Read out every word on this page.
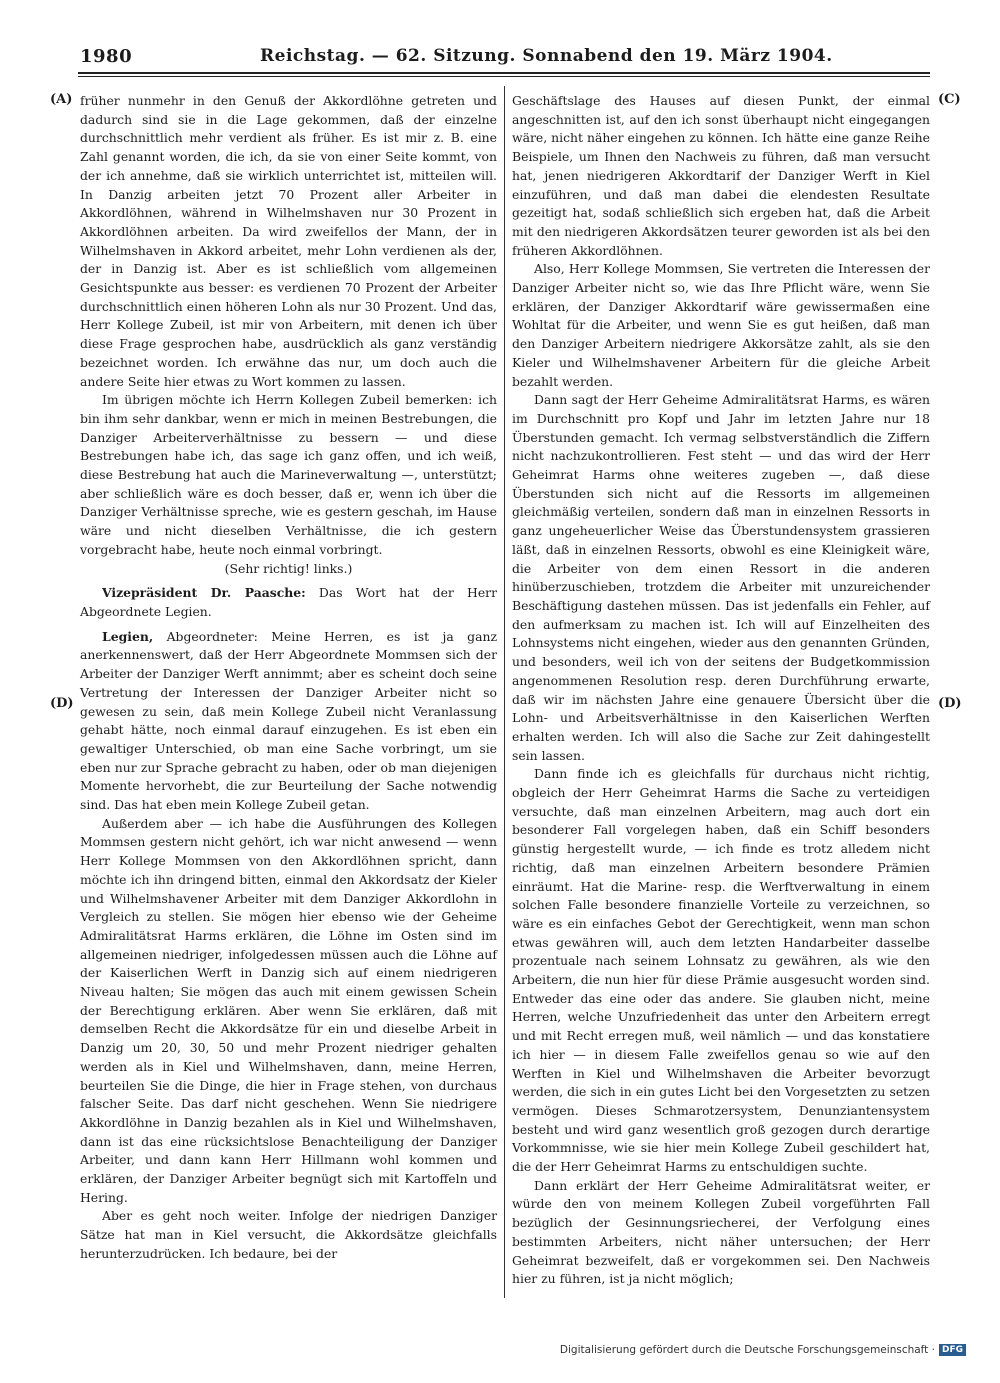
1980	Reichstag. — 62. Sitzung. Sonnabend den 19. März 1904.
(A)	(C)
(D)	(D)

früher nunmehr in den Genuß der Akkordlöhne getreten und dadurch sind sie in die Lage gekommen, daß der einzelne durchschnittlich mehr verdient als früher. Es ist mir z. B. eine Zahl genannt worden, die ich, da sie von einer Seite kommt, von der ich annehme, daß sie wirklich unterrichtet ist, mitteilen will. In Danzig arbeiten jetzt 70 Prozent aller Arbeiter in Akkordlöhnen, während in Wilhelmshaven nur 30 Prozent in Akkordlöhnen arbeiten. Da wird zweifellos der Mann, der in Wilhelmshaven in Akkord arbeitet, mehr Lohn verdienen als der, der in Danzig ist. Aber es ist schließlich vom allgemeinen Gesichtspunkte aus besser: es verdienen 70 Prozent der Arbeiter durchschnittlich einen höheren Lohn als nur 30 Prozent. Und das, Herr Kollege Zubeil, ist mir von Arbeitern, mit denen ich über diese Frage gesprochen habe, ausdrücklich als ganz verständig bezeichnet worden. Ich erwähne das nur, um doch auch die andere Seite hier etwas zu Wort kommen zu lassen.

Im übrigen möchte ich Herrn Kollegen Zubeil bemerken: ich bin ihm sehr dankbar, wenn er mich in meinen Bestrebungen, die Danziger Arbeiterverhältnisse zu bessern — und diese Bestrebungen habe ich, das sage ich ganz offen, und ich weiß, diese Bestrebung hat auch die Marineverwaltung —, unterstützt; aber schließlich wäre es doch besser, daß er, wenn ich über die Danziger Verhältnisse spreche, wie es gestern geschah, im Hause wäre und nicht dieselben Verhältnisse, die ich gestern vorgebracht habe, heute noch einmal vorbringt.

(Sehr richtig! links.)

Vizepräsident Dr. Paasche: Das Wort hat der Herr Abgeordnete Legien.

Legien, Abgeordneter: Meine Herren, es ist ja ganz anerkennenswert, daß der Herr Abgeordnete Mommsen sich der Arbeiter der Danziger Werft annimmt; aber es scheint doch seine Vertretung der Interessen der Danziger Arbeiter nicht so gewesen zu sein, daß mein Kollege Zubeil nicht Veranlassung gehabt hätte, noch einmal darauf einzugehen. Es ist eben ein gewaltiger Unterschied, ob man eine Sache vorbringt, um sie eben nur zur Sprache gebracht zu haben, oder ob man diejenigen Momente hervorhebt, die zur Beurteilung der Sache notwendig sind. Das hat eben mein Kollege Zubeil getan.

Außerdem aber — ich habe die Ausführungen des Kollegen Mommsen gestern nicht gehört, ich war nicht anwesend — wenn Herr Kollege Mommsen von den Akkordlöhnen spricht, dann möchte ich ihn dringend bitten, einmal den Akkordsatz der Kieler und Wilhelmshavener Arbeiter mit dem Danziger Akkordlohn in Vergleich zu stellen. Sie mögen hier ebenso wie der Geheime Admiralitätsrat Harms erklären, die Löhne im Osten sind im allgemeinen niedriger, infolgedessen müssen auch die Löhne auf der Kaiserlichen Werft in Danzig sich auf einem niedrigeren Niveau halten; Sie mögen das auch mit einem gewissen Schein der Berechtigung erklären. Aber wenn Sie erklären, daß mit demselben Recht die Akkordsätze für ein und dieselbe Arbeit in Danzig um 20, 30, 50 und mehr Prozent niedriger gehalten werden als in Kiel und Wilhelmshaven, dann, meine Herren, beurteilen Sie die Dinge, die hier in Frage stehen, von durchaus falscher Seite. Das darf nicht geschehen. Wenn Sie niedrigere Akkordlöhne in Danzig bezahlen als in Kiel und Wilhelmshaven, dann ist das eine rücksichtslose Benachteiligung der Danziger Arbeiter, und dann kann Herr Hillmann wohl kommen und erklären, der Danziger Arbeiter begnügt sich mit Kartoffeln und Hering.

Aber es geht noch weiter. Infolge der niedrigen Danziger Sätze hat man in Kiel versucht, die Akkordsätze gleichfalls herunterzudrücken. Ich bedaure, bei der

Geschäftslage des Hauses auf diesen Punkt, der einmal angeschnitten ist, auf den ich sonst überhaupt nicht eingegangen wäre, nicht näher eingehen zu können. Ich hätte eine ganze Reihe Beispiele, um Ihnen den Nachweis zu führen, daß man versucht hat, jenen niedrigeren Akkordtarif der Danziger Werft in Kiel einzuführen, und daß man dabei die elendesten Resultate gezeitigt hat, sodaß schließlich sich ergeben hat, daß die Arbeit mit den niedrigeren Akkordsätzen teurer geworden ist als bei den früheren Akkordlöhnen.

Also, Herr Kollege Mommsen, Sie vertreten die Interessen der Danziger Arbeiter nicht so, wie das Ihre Pflicht wäre, wenn Sie erklären, der Danziger Akkordtarif wäre gewissermaßen eine Wohltat für die Arbeiter, und wenn Sie es gut heißen, daß man den Danziger Arbeitern niedrigere Akkorsätze zahlt, als sie den Kieler und Wilhelmshavener Arbeitern für die gleiche Arbeit bezahlt werden.

Dann sagt der Herr Geheime Admiralitätsrat Harms, es wären im Durchschnitt pro Kopf und Jahr im letzten Jahre nur 18 Überstunden gemacht. Ich vermag selbstverständlich die Ziffern nicht nachzukontrollieren. Fest steht — und das wird der Herr Geheimrat Harms ohne weiteres zugeben —, daß diese Überstunden sich nicht auf die Ressorts im allgemeinen gleichmäßig verteilen, sondern daß man in einzelnen Ressorts in ganz ungeheuerlicher Weise das Überstundensystem grassieren läßt, daß in einzelnen Ressorts, obwohl es eine Kleinigkeit wäre, die Arbeiter von dem einen Ressort in die anderen hinüberzuschieben, trotzdem die Arbeiter mit unzureichender Beschäftigung dastehen müssen. Das ist jedenfalls ein Fehler, auf den aufmerksam zu machen ist. Ich will auf Einzelheiten des Lohnsystems nicht eingehen, wieder aus den genannten Gründen, und besonders, weil ich von der seitens der Budgetkommission angenommenen Resolution resp. deren Durchführung erwarte, daß wir im nächsten Jahre eine genauere Übersicht über die Lohn- und Arbeitsverhältnisse in den Kaiserlichen Werften erhalten werden. Ich will also die Sache zur Zeit dahingestellt sein lassen.

Dann finde ich es gleichfalls für durchaus nicht richtig, obgleich der Herr Geheimrat Harms die Sache zu verteidigen versuchte, daß man einzelnen Arbeitern, mag auch dort ein besonderer Fall vorgelegen haben, daß ein Schiff besonders günstig hergestellt wurde, — ich finde es trotz alledem nicht richtig, daß man einzelnen Arbeitern besondere Prämien einräumt. Hat die Marine- resp. die Werftverwaltung in einem solchen Falle besondere finanzielle Vorteile zu verzeichnen, so wäre es ein einfaches Gebot der Gerechtigkeit, wenn man schon etwas gewähren will, auch dem letzten Handarbeiter dasselbe prozentuale nach seinem Lohnsatz zu gewähren, als wie den Arbeitern, die nun hier für diese Prämie ausgesucht worden sind. Entweder das eine oder das andere. Sie glauben nicht, meine Herren, welche Unzufriedenheit das unter den Arbeitern erregt und mit Recht erregen muß, weil nämlich — und das konstatiere ich hier — in diesem Falle zweifellos genau so wie auf den Werften in Kiel und Wilhelmshaven die Arbeiter bevorzugt werden, die sich in ein gutes Licht bei den Vorgesetzten zu setzen vermögen. Dieses Schmarotzersystem, Denunziantensystem besteht und wird ganz wesentlich groß gezogen durch derartige Vorkommnisse, wie sie hier mein Kollege Zubeil geschildert hat, die der Herr Geheimrat Harms zu entschuldigen suchte.

Dann erklärt der Herr Geheime Admiralitätsrat weiter, er würde den von meinem Kollegen Zubeil vorgeführten Fall bezüglich der Gesinnungsriecherei, der Verfolgung eines bestimmten Arbeiters, nicht näher untersuchen; der Herr Geheimrat bezweifelt, daß er vorgekommen sei. Den Nachweis hier zu führen, ist ja nicht möglich;

Digitalisierung gefördert durch die Deutsche Forschungsgemeinschaft · DFG
